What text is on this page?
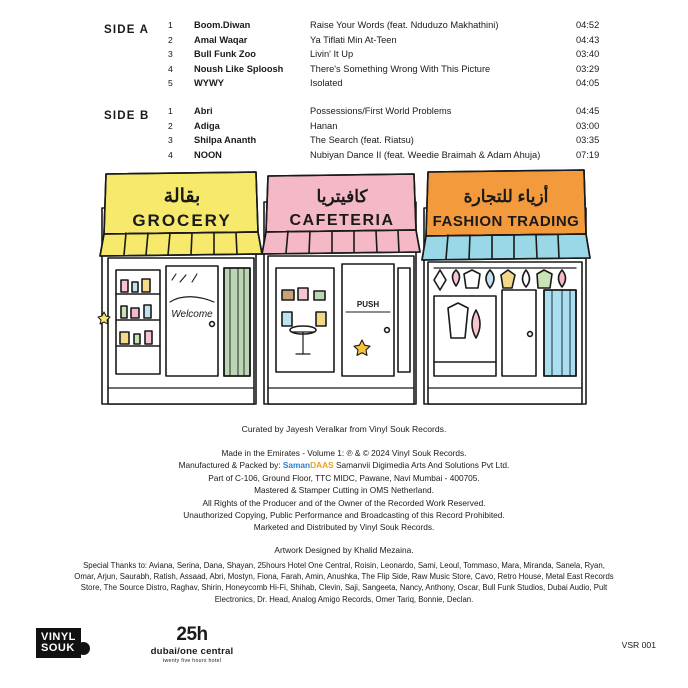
SIDE A 1	Boom.Diwan	Raise Your Words (feat. Nduduzo Makhathini)	04:52
2	Amal Waqar	Ya Tiflati Min At-Teen	04:43
3	Bull Funk Zoo	Livin' It Up	03:40
4	Noush Like Sploosh	There's Something Wrong With This Picture	03:29
5	WYWY	Isolated	04:05
SIDE B 1	Abri	Possessions/First World Problems	04:45
2	Adiga	Hanan	03:00
3	Shilpa Ananth	The Search (feat. Riatsu)	03:35
4	NOON	Nubiyan Dance II (feat. Weedie Braimah & Adam Ahuja)	07:19
بقالة
GROCERY
كافيتريا
CAFETERIA
أزياء للتجارة
FASHION TRADING
Welcome
PUSH
Curated by Jayesh Veralkar from Vinyl Souk Records.
Made in the Emirates - Volume 1: ℗ & © 2024 Vinyl Souk Records.
Manufactured & Packed by: SamanDAAS Samanvii Digimedia Arts And Solutions Pvt Ltd.
Part of C-106, Ground Floor, TTC MIDC, Pawane, Navi Mumbai - 400705.
Mastered & Stamper Cutting in OMS Netherland.
All Rights of the Producer and of the Owner of the Recorded Work Reserved.
Unauthorized Copying, Public Performance and Broadcasting of this Record Prohibited.
Marketed and Distributed by Vinyl Souk Records.
Artwork Designed by Khalid Mezaina.
Special Thanks to: Aviana, Serina, Dana, Shayan, 25hours Hotel One Central, Roisin, Leonardo, Sami, Leoul, Tommaso, Mara, Miranda, Sanela, Ryan, Omar, Arjun, Saurabh, Ratish, Assaad, Abri, Mostyn, Fiona, Farah, Amin, Anushka, The Flip Side, Raw Music Store, Cavo, Retro House, Metal East Records Store, The Source Distro, Raghav, Shirin, Honeycomb Hi-Fi, Shihab, Clevin, Saji, Sangeeta, Nancy, Anthony, Oscar, Bull Funk Studios, Dubai Audio, Pult Electronics, Dr. Head, Analog Amigo Records, Omer Tariq, Bonnie, Declan.
VINYL
SOUK
25h
dubai/one central
twenty five hours hotel
VSR 001
